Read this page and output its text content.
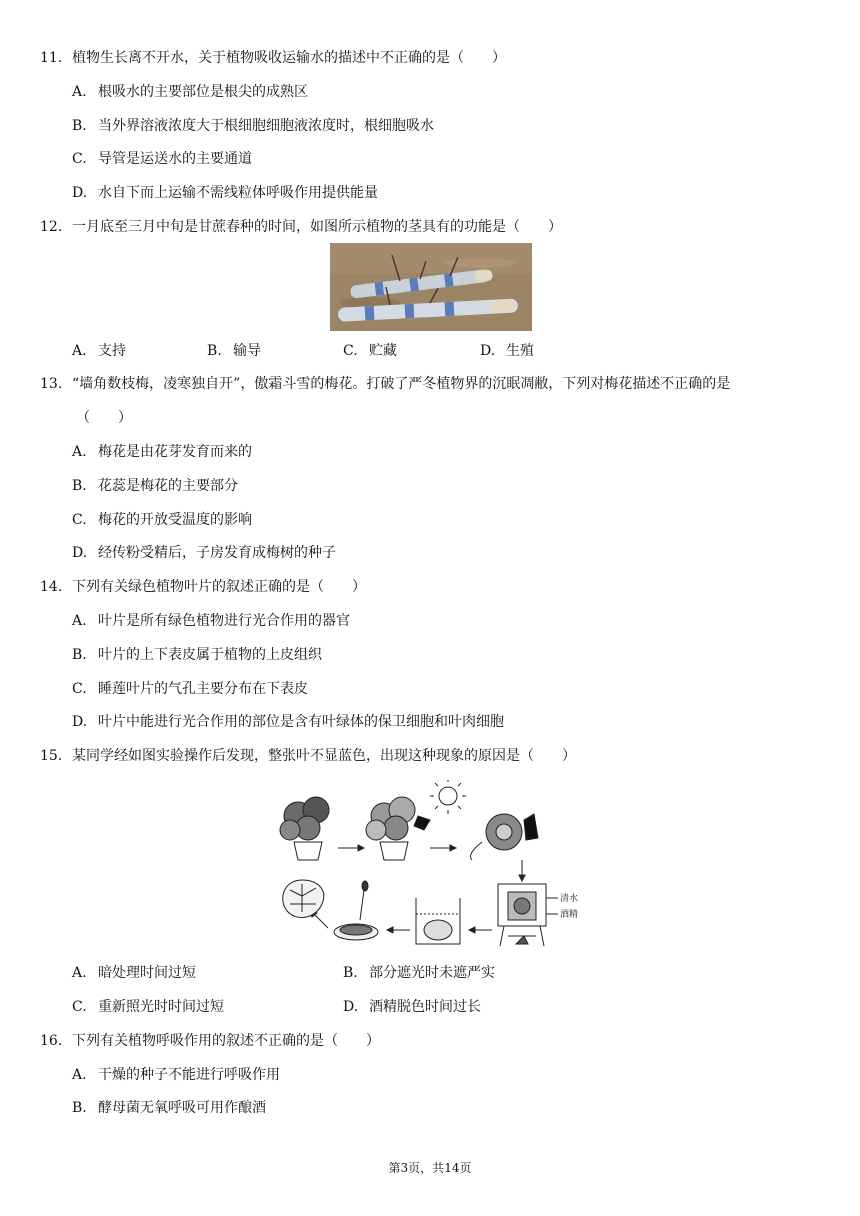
11. 植物生长离不开水，关于植物吸收运输水的描述中不正确的是（　　）
A. 根吸水的主要部位是根尖的成熟区
B. 当外界溶液浓度大于根细胞细胞液浓度时，根细胞吸水
C. 导管是运送水的主要通道
D. 水自下而上运输不需线粒体呼吸作用提供能量
12. 一月底至三月中旬是甘蔗春种的时间，如图所示植物的茎具有的功能是（　　）
A. 支持	B. 输导	C. 贮藏	D. 生殖
13. “墙角数枝梅，凌寒独自开”，傲霜斗雪的梅花。打破了严冬植物界的沉眠凋敝，下列对梅花描述不正确的是
（　　）
A. 梅花是由花芽发育而来的
B. 花蕊是梅花的主要部分
C. 梅花的开放受温度的影响
D. 经传粉受精后，子房发育成梅树的种子
14. 下列有关绿色植物叶片的叙述正确的是（　　）
A. 叶片是所有绿色植物进行光合作用的器官
B. 叶片的上下表皮属于植物的上皮组织
C. 睡莲叶片的气孔主要分布在下表皮
D. 叶片中能进行光合作用的部位是含有叶绿体的保卫细胞和叶肉细胞
15. 某同学经如图实验操作后发现，整张叶不显蓝色，出现这种现象的原因是（　　）
清水
酒精
A. 暗处理时间过短	B. 部分遮光时未遮严实
C. 重新照光时时间过短	D. 酒精脱色时间过长
16. 下列有关植物呼吸作用的叙述不正确的是（　　）
A. 干燥的种子不能进行呼吸作用
B. 酵母菌无氧呼吸可用作酿酒
第3页，共14页
